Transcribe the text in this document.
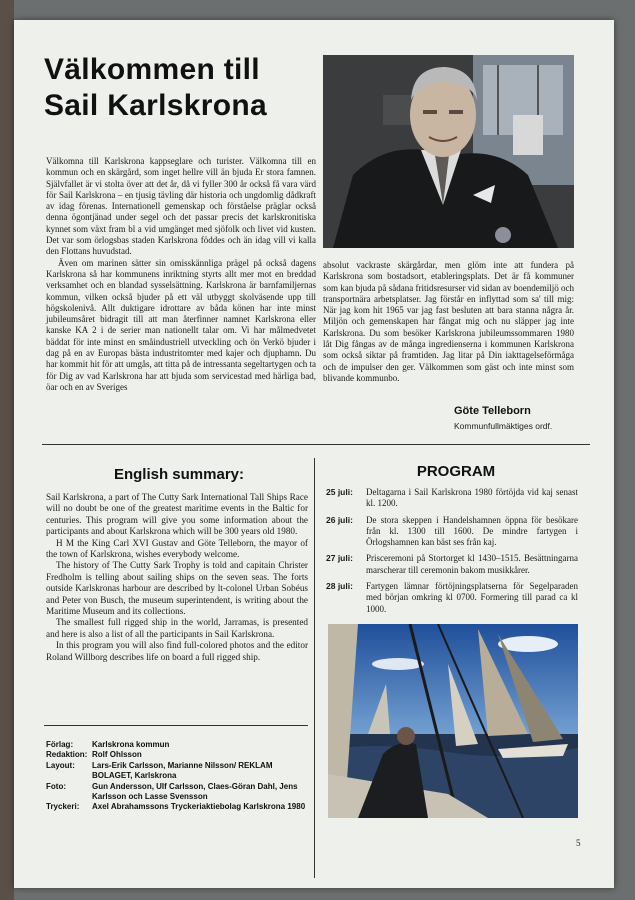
Välkommen till
Sail Karlskrona

Välkomna till Karlskrona kappseglare och turister. Välkomna till en kommun och en skärgård, som inget hellre vill än bjuda Er stora famnen. Självfallet är vi stolta över att det år, då vi fyller 300 år också få vara värd för Sail Karlskrona – en tjusig tävling där historia och ungdomlig dådkraft av idag förenas. Internationell gemenskap och förståelse präglar också denna ögontjänad under segel och det passar precis det karlskronitiska kynnet som växt fram bl a vid umgänget med sjöfolk och livet vid kusten. Det var som örlogsbas staden Karlskrona föddes och än idag vill vi kalla den Flottans huvudstad.

Även om marinen sätter sin omisskännliga prägel på också dagens Karlskrona så har kommunens inriktning styrts allt mer mot en breddad verksamhet och en blandad sysselsättning. Karlskrona är barnfamiljernas kommun, vilken också bjuder på ett väl utbyggt skolväsende upp till högskolenivå. Allt duktigare idrottare av båda könen har inte minst jubileumsåret bidragit till att man återfinner namnet Karlskrona eller kanske KA 2 i de serier man nationellt talar om. Vi har målmedvetet bäddat för inte minst en småindustriell utveckling och ön Verkö bjuder i dag på en av Europas bästa industritomter med kajer och djuphamn. Du har kommit hit för att umgås, att titta på de intressanta segeltartygen och ta för Dig av vad Karlskrona har att bjuda som servicestad med härliga bad, öar och en av Sveriges

absolut vackraste skärgårdar, men glöm inte att fundera på Karlskrona som bostadsort, etableringsplats. Det är få kommuner som kan bjuda på sådana fritidsresurser vid sidan av boendemiljö och transportnära arbetsplatser. Jag förstår en inflyttad som sa' till mig: När jag kom hit 1965 var jag fast besluten att bara stanna några år. Miljön och gemenskapen har fångat mig och nu släpper jag inte Karlskrona. Du som besöker Karlskrona jubileumssommaren 1980 låt Dig fångas av de många ingredienserna i kommunen Karlskrona som också siktar på framtiden. Jag litar på Din iakttagelseförmåga och de impulser den ger. Välkommen som gäst och inte minst som blivande kommunbo.

Göte Telleborn
Kommunfullmäktiges ordf.
English summary:

Sail Karlskrona, a part of The Cutty Sark International Tall Ships Race will no doubt be one of the greatest maritime events in the Baltic for centuries. This program will give you some information about the participants and about Karlskrona which will be 300 years old 1980.

H M the King Carl XVI Gustav and Göte Telleborn, the mayor of the town of Karlskrona, wishes everybody welcome.

The history of The Cutty Sark Trophy is told and capitain Christer Fredholm is telling about sailing ships on the seven seas. The forts outside Karlskronas harbour are described by lt-colonel Urban Sobéus and Peter von Busch, the museum superintendent, is writing about the Maritime Museum and its collections.

The smallest full rigged ship in the world, Jarramas, is presented and here is also a list of all the participants in Sail Karlskrona.

In this program you will also find full-colored photos and the editor Roland Willborg describes life on board a full rigged ship.

Förlag:	Karlskrona kommun
Redaktion: Rolf Ohlsson
Layout:	Lars-Erik Carlsson, Marianne Nilsson/ REKLAM BOLAGET, Karlskrona
Foto:	Gun Andersson, Ulf Carlsson, Claes-Göran Dahl, Jens Karlsson och Lasse Svensson
Tryckeri:	Axel Abrahamssons Tryckeriaktiebolag Karlskrona 1980
PROGRAM
25 juli:	Deltagarna i Sail Karlskrona 1980 förtöjda vid kaj senast kl. 1200.
26 juli:	De stora skeppen i Handelshamnen öppna för besökare från kl. 1300 till 1600. De mindre fartygen i Örlogshamnen kan bäst ses från kaj.
27 juli:	Prisceremoni på Stortorget kl 1430–1515. Besättningarna marscherar till ceremonin bakom musikkårer.
28 juli:	Fartygen lämnar förtöjningsplatserna för Segelparaden med början omkring kl 0700. Formering till parad ca kl 1000.
5
